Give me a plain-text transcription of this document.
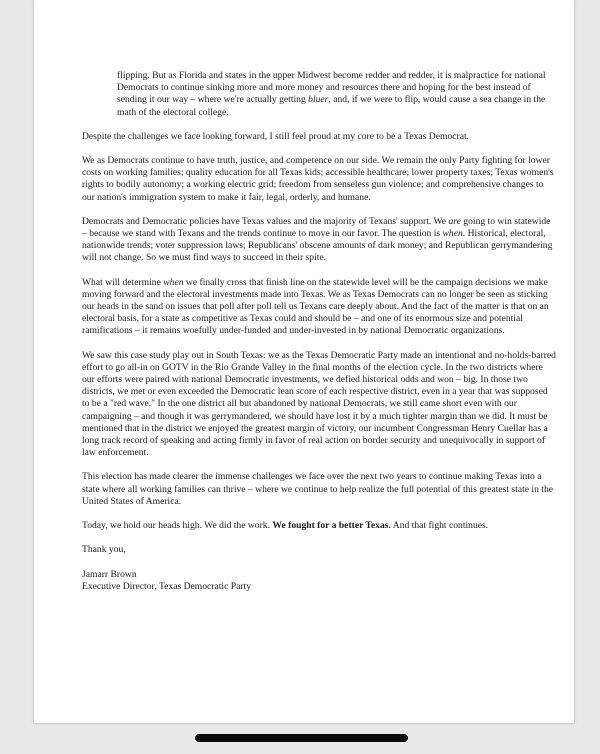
flipping. But as Florida and states in the upper Midwest become redder and redder, it is malpractice for national Democrats to continue sinking more and more money and resources there and hoping for the best instead of sending it our way – where we're actually getting bluer, and, if we were to flip, would cause a sea change in the math of the electoral college.

Despite the challenges we face looking forward, I still feel proud at my core to be a Texas Democrat.

We as Democrats continue to have truth, justice, and competence on our side. We remain the only Party fighting for lower costs on working families; quality education for all Texas kids; accessible healthcare; lower property taxes; Texas women's rights to bodily autonomy; a working electric grid; freedom from senseless gun violence; and comprehensive changes to our nation's immigration system to make it fair, legal, orderly, and humane.

Democrats and Democratic policies have Texas values and the majority of Texans' support. We are going to win statewide – because we stand with Texans and the trends continue to move in our favor. The question is when. Historical, electoral, nationwide trends; voter suppression laws; Republicans' obscene amounts of dark money; and Republican gerrymandering will not change. So we must find ways to succeed in their spite.

What will determine when we finally cross that finish line on the statewide level will be the campaign decisions we make moving forward and the electoral investments made into Texas. We as Texas Democrats can no longer be seen as sticking our heads in the sand on issues that poll after poll tell us Texans care deeply about. And the fact of the matter is that on an electoral basis, for a state as competitive as Texas could and should be – and one of its enormous size and potential ramifications – it remains woefully under-funded and under-invested in by national Democratic organizations.

We saw this case study play out in South Texas: we as the Texas Democratic Party made an intentional and no-holds-barred effort to go all-in on GOTV in the Rio Grande Valley in the final months of the election cycle. In the two districts where our efforts were paired with national Democratic investments, we defied historical odds and won – big. In those two districts, we met or even exceeded the Democratic lean score of each respective district, even in a year that was supposed to be a "red wave." In the one district all but abandoned by national Democrats, we still came short even with our campaigning – and though it was gerrymandered, we should have lost it by a much tighter margin than we did. It must be mentioned that in the district we enjoyed the greatest margin of victory, our incumbent Congressman Henry Cuellar has a long track record of speaking and acting firmly in favor of real action on border security and unequivocally in support of law enforcement.

This election has made clearer the immense challenges we face over the next two years to continue making Texas into a state where all working families can thrive – where we continue to help realize the full potential of this greatest state in the United States of America.

Today, we hold our heads high. We did the work. We fought for a better Texas. And that fight continues.

Thank you,

Jamarr Brown

Executive Director, Texas Democratic Party
